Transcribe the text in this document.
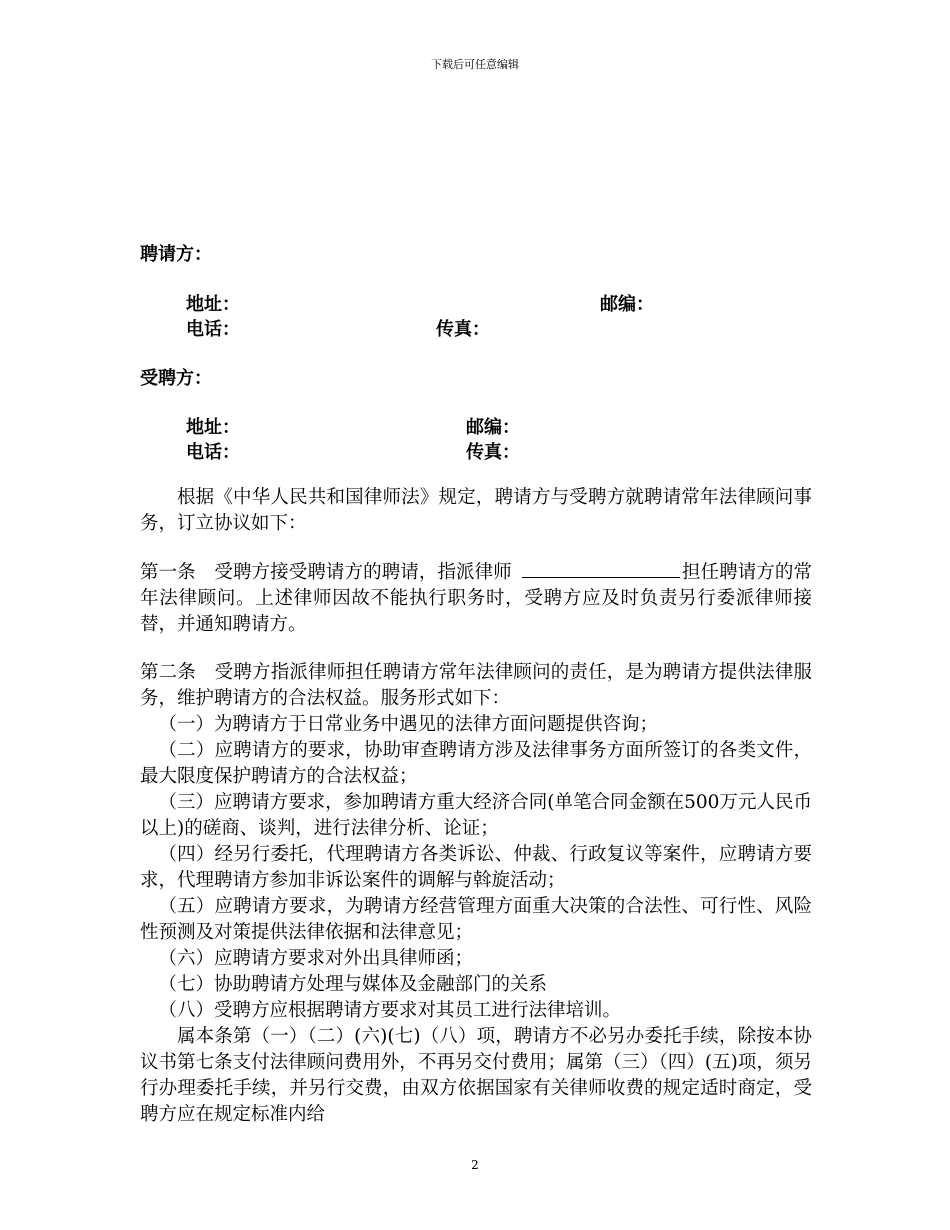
下载后可任意编辑
聘请方：
地址：	邮编：
电话：	传真：
受聘方：
地址：	邮编：
电话：	传真：

根据《中华人民共和国律师法》规定，聘请方与受聘方就聘请常年法律顾问事务，订立协议如下：

第一条　受聘方接受聘请方的聘请，指派律师	担任聘请方的常年法律顾问。上述律师因故不能执行职务时，受聘方应及时负责另行委派律师接替，并通知聘请方。

第二条　受聘方指派律师担任聘请方常年法律顾问的责任，是为聘请方提供法律服务，维护聘请方的合法权益。服务形式如下：

（一）为聘请方于日常业务中遇见的法律方面问题提供咨询；

（二）应聘请方的要求，协助审查聘请方涉及法律事务方面所签订的各类文件，最大限度保护聘请方的合法权益；

（三）应聘请方要求，参加聘请方重大经济合同(单笔合同金额在500万元人民币以上)的磋商、谈判，进行法律分析、论证；

（四）经另行委托，代理聘请方各类诉讼、仲裁、行政复议等案件，应聘请方要求，代理聘请方参加非诉讼案件的调解与斡旋活动；

（五）应聘请方要求，为聘请方经营管理方面重大决策的合法性、可行性、风险性预测及对策提供法律依据和法律意见；

（六）应聘请方要求对外出具律师函；

（七）协助聘请方处理与媒体及金融部门的关系

（八）受聘方应根据聘请方要求对其员工进行法律培训。

属本条第（一）（二）(六)(七)（八）项，聘请方不必另办委托手续，除按本协议书第七条支付法律顾问费用外，不再另交付费用；属第（三）（四）(五)项，须另行办理委托手续，并另行交费，由双方依据国家有关律师收费的规定适时商定，受聘方应在规定标准内给

2
